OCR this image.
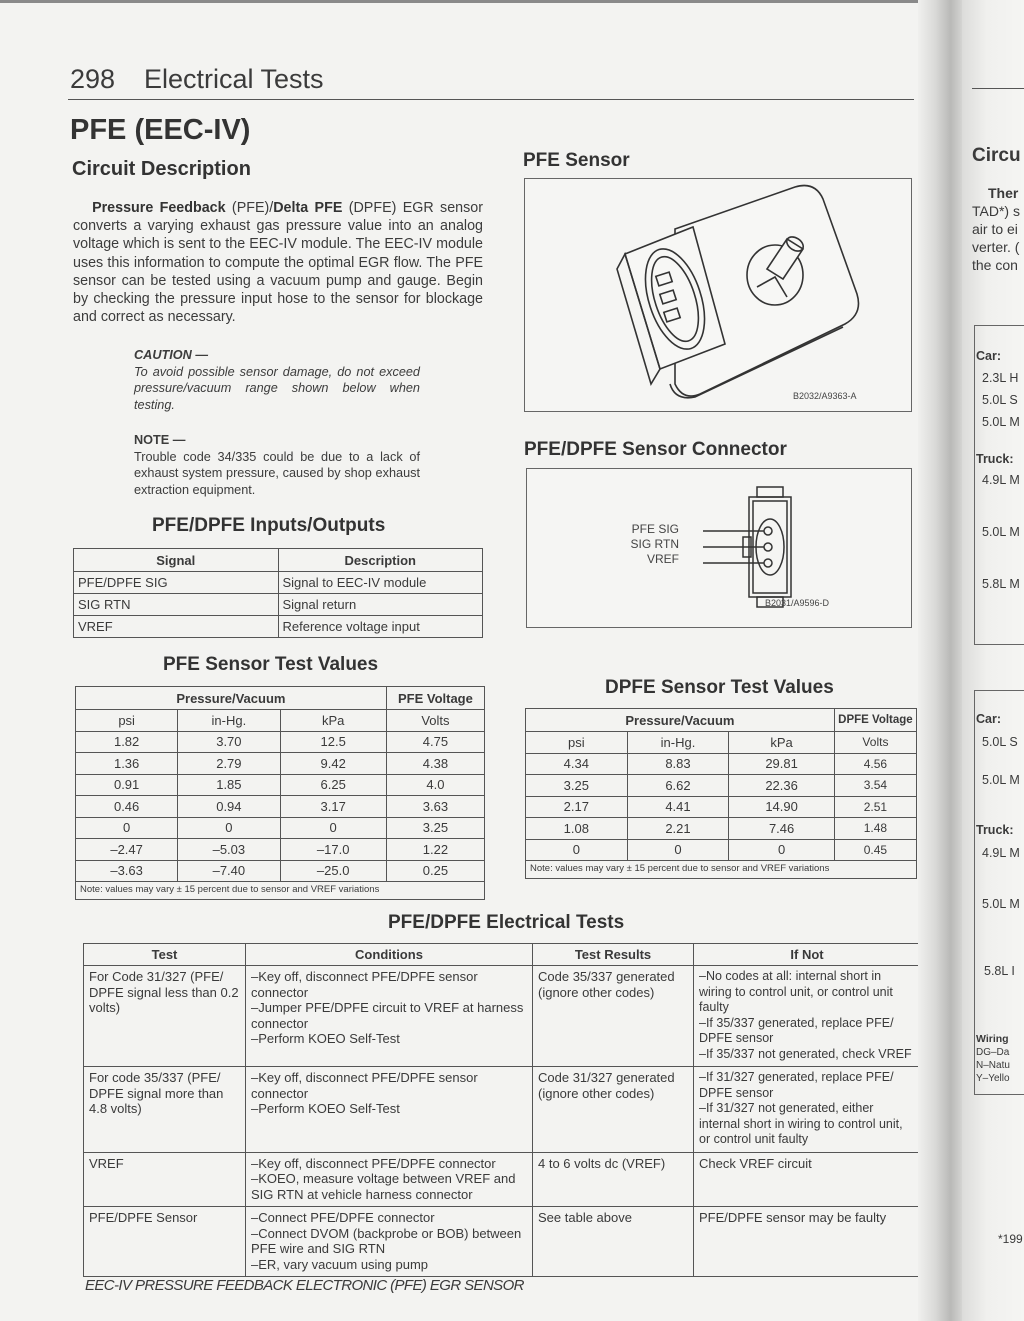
298 Electrical Tests
PFE (EEC-IV)
Circuit Description

Pressure Feedback (PFE)/Delta PFE (DPFE) EGR sensor converts a varying exhaust gas pressure value into an analog voltage which is sent to the EEC-IV module. The EEC-IV module uses this information to compute the optimal EGR flow. The PFE sensor can be tested using a vacuum pump and gauge. Begin by checking the pressure input hose to the sensor for blockage and correct as necessary.

CAUTION —
To avoid possible sensor damage, do not exceed pressure/vacuum range shown below when testing.
NOTE —
Trouble code 34/335 could be due to a lack of exhaust system pressure, caused by shop exhaust extraction equipment.
PFE/DPFE Inputs/Outputs
Signal	Description
PFE/DPFE SIG	Signal to EEC-IV module
SIG RTN	Signal return
VREF	Reference voltage input
PFE Sensor Test Values
Pressure/Vacuum			PFE Voltage
psi	in-Hg.	kPa	Volts
1.82	3.70	12.5	4.75
1.36	2.79	9.42	4.38
0.91	1.85	6.25	4.0
0.46	0.94	3.17	3.63
0	0	0	3.25
–2.47	–5.03	–17.0	1.22
–3.63	–7.40	–25.0	0.25
Note: values may vary ± 15 percent due to sensor and VREF variations			
PFE Sensor
B2032/A9363-A
PFE/DPFE Sensor Connector
PFE SIG
SIG RTN
VREF
B2031/A9596-D
DPFE Sensor Test Values
Pressure/Vacuum			DPFE Voltage
psi	in-Hg.	kPa	Volts
4.34	8.83	29.81	4.56
3.25	6.62	22.36	3.54
2.17	4.41	14.90	2.51
1.08	2.21	7.46	1.48
0	0	0	0.45
Note: values may vary ± 15 percent due to sensor and VREF variations			
PFE/DPFE Electrical Tests
Test	Conditions	Test Results	If Not
For Code 31/327 (PFE/ DPFE signal less than 0.2 volts)	–Key off, disconnect PFE/DPFE sensor connector
–Jumper PFE/DPFE circuit to VREF at harness connector
–Perform KOEO Self-Test	Code 35/337 generated (ignore other codes)	–No codes at all: internal short in wiring to control unit, or control unit faulty
–If 35/337 generated, replace PFE/ DPFE sensor
–If 35/337 not generated, check VREF

For code 35/337 (PFE/ DPFE signal more than 4.8 volts)	–Key off, disconnect PFE/DPFE sensor connector
–Perform KOEO Self-Test	Code 31/327 generated (ignore other codes)	–If 31/327 generated, replace PFE/ DPFE sensor
–If 31/327 not generated, either internal short in wiring to control unit, or control unit faulty

VREF	–Key off, disconnect PFE/DPFE connector
–KOEO, measure voltage between VREF and SIG RTN at vehicle harness connector	4 to 6 volts dc (VREF)	Check VREF circuit

PFE/DPFE Sensor	–Connect PFE/DPFE connector
–Connect DVOM (backprobe or BOB) between PFE wire and SIG RTN
–ER, vary vacuum using pump	See table above	PFE/DPFE sensor may be faulty
EEC-IV PRESSURE FEEDBACK ELECTRONIC (PFE) EGR SENSOR
Circu
Ther
TAD*) s
air to ei
verter. (
the con
Car:
2.3L H
5.0L S
5.0L M
Truck:
4.9L M
5.0L M
5.8L M
Car:
5.0L S
5.0L M
Truck:
4.9L M
5.0L M
5.8L I
Wiring
DG–Da
N–Natu
Y–Yello
*199
